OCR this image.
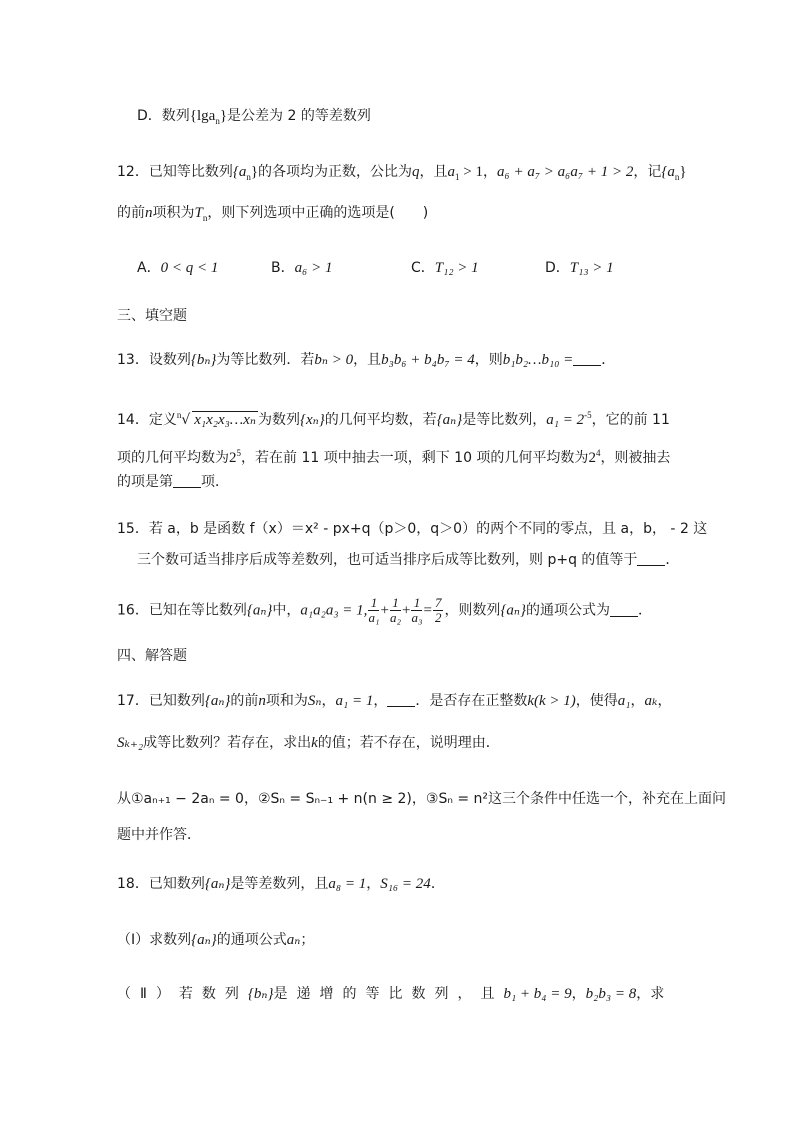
D．数列{lga$_n$}是公差为 2 的等差数列
12．已知等比数列$\{a_n\}$的各项均为正数，公比为q，且$a_1 > 1$，a₆ + a₇ > a₆a₇ + 1 > 2，记$\{a_n\}$
的前n项积为$T_n$，则下列选项中正确的选项是(　　)
A．0 < q < 1	B．a₆ > 1	C．T₁₂ > 1	D．T₁₃ > 1
三、填空题
13．设数列{bₙ}为等比数列．若bₙ > 0，且b₃b₆ + b₄b₇ = 4，则b₁b₂…b₁₀ = ．
14．定义$^n$√ x₁x₂x₃…xₙ 为数列{xₙ}的几何平均数，若{aₙ}是等比数列，$a_1 = 2^{-5}$，它的前 11
项的几何平均数为$2^5$，若在前 11 项中抽去一项，剩下 10 项的几何平均数为$2^4$，则被抽去
的项是第 项．
15．若 a，b 是函数 f（x）＝x² - px+q（p＞0，q＞0）的两个不同的零点，且 a，b， - 2 这
三个数可适当排序后成等差数列，也可适当排序后成等比数列，则 p+q 的值等于 ．
16．已知在等比数列{aₙ}中，a₁a₂a₃ = 1, $\frac{1}{\text{a₁}} + \frac{1}{\text{a₂}} + \frac{1}{\text{a₃}} = \frac{7}{2}$ ，则数列{aₙ}的通项公式为 ．
四、解答题
17．已知数列{aₙ}的前n项和为Sₙ，a₁ = 1， ．是否存在正整数k(k > 1)，使得a₁，aₖ，
Sₖ₊₂成等比数列？若存在，求出k的值；若不存在，说明理由．
从①aₙ₊₁ − 2aₙ = 0，②Sₙ = Sₙ₋₁ + n(n ≥ 2)，③Sₙ = n²这三个条件中任选一个，补充在上面问
题中并作答．
18．已知数列{aₙ}是等差数列，且a₈ = 1，S₁₆ = 24．
（Ⅰ）求数列{aₙ}的通项公式aₙ；
（Ⅱ）若数列{bₙ}是递增的等比数列，且b₁ + b₄ = 9，b₂b₃ = 8，求
